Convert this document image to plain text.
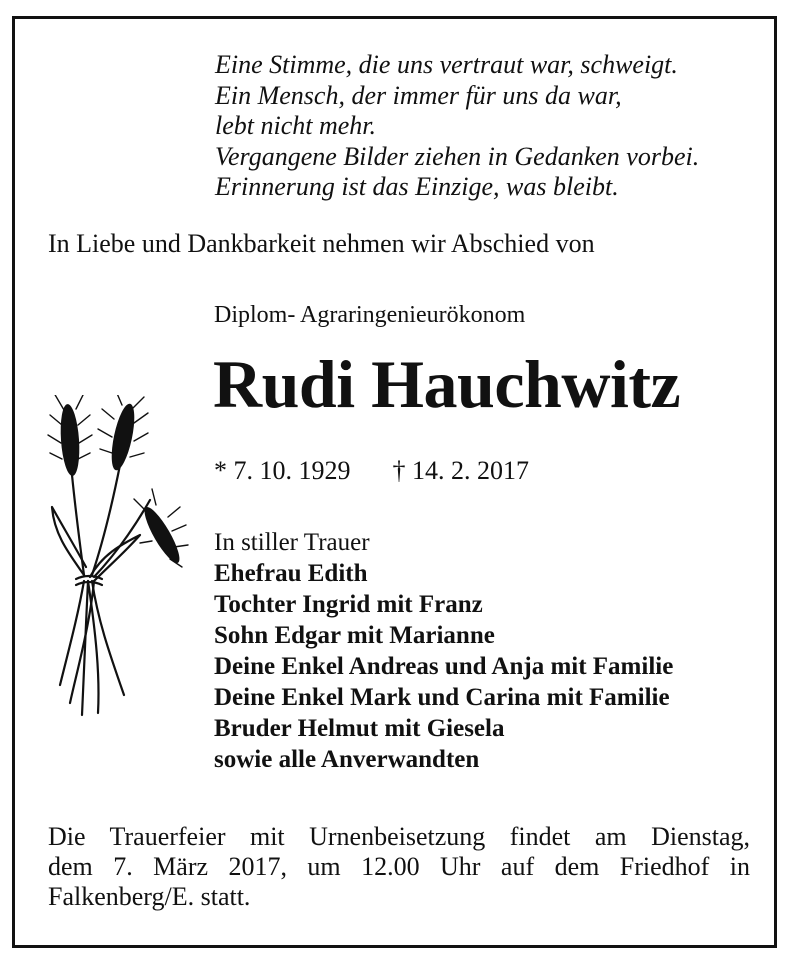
Eine Stimme, die uns vertraut war, schweigt.
Ein Mensch, der immer für uns da war,
lebt nicht mehr.
Vergangene Bilder ziehen in Gedanken vorbei.
Erinnerung ist das Einzige, was bleibt.
In Liebe und Dankbarkeit nehmen wir Abschied von
Diplom- Agraringenieurökonom
Rudi Hauchwitz
* 7. 10. 1929 † 14. 2. 2017
In stiller Trauer
Ehefrau Edith
Tochter Ingrid mit Franz
Sohn Edgar mit Marianne
Deine Enkel Andreas und Anja mit Familie
Deine Enkel Mark und Carina mit Familie
Bruder Helmut mit Giesela
sowie alle Anverwandten
Die Trauerfeier mit Urnenbeisetzung findet am Dienstag,
dem 7. März 2017, um 12.00 Uhr auf dem Friedhof in
Falkenberg/E. statt.
